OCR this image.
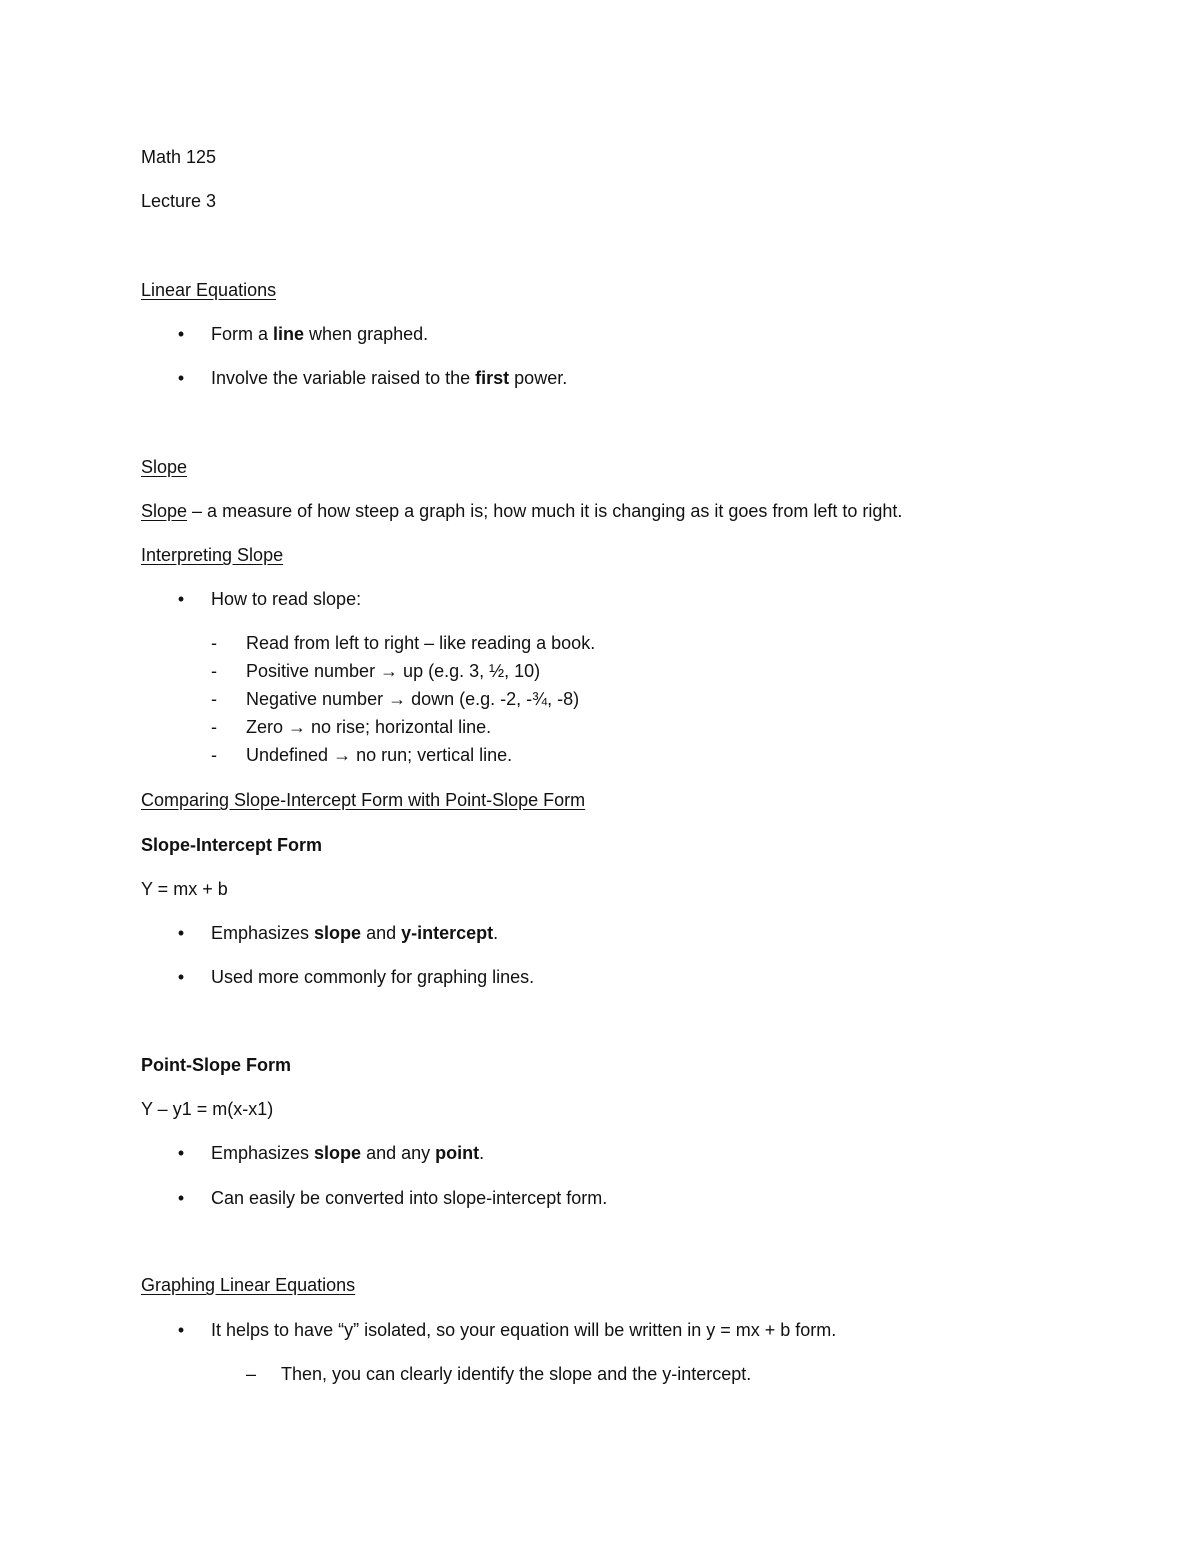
Math 125
Lecture 3
Linear Equations
• Form a line when graphed.
• Involve the variable raised to the first power.
Slope
Slope – a measure of how steep a graph is; how much it is changing as it goes from left to right.
Interpreting Slope
• How to read slope:
- Read from left to right – like reading a book.
- Positive number → up (e.g. 3, ½, 10)
- Negative number → down (e.g. -2, -¾, -8)
- Zero → no rise; horizontal line.
- Undefined → no run; vertical line.
Comparing Slope-Intercept Form with Point-Slope Form
Slope-Intercept Form
Y = mx + b
• Emphasizes slope and y-intercept.
• Used more commonly for graphing lines.
Point-Slope Form
Y – y1 = m(x-x1)
• Emphasizes slope and any point.
• Can easily be converted into slope-intercept form.
Graphing Linear Equations
• It helps to have “y” isolated, so your equation will be written in y = mx + b form.
– Then, you can clearly identify the slope and the y-intercept.
